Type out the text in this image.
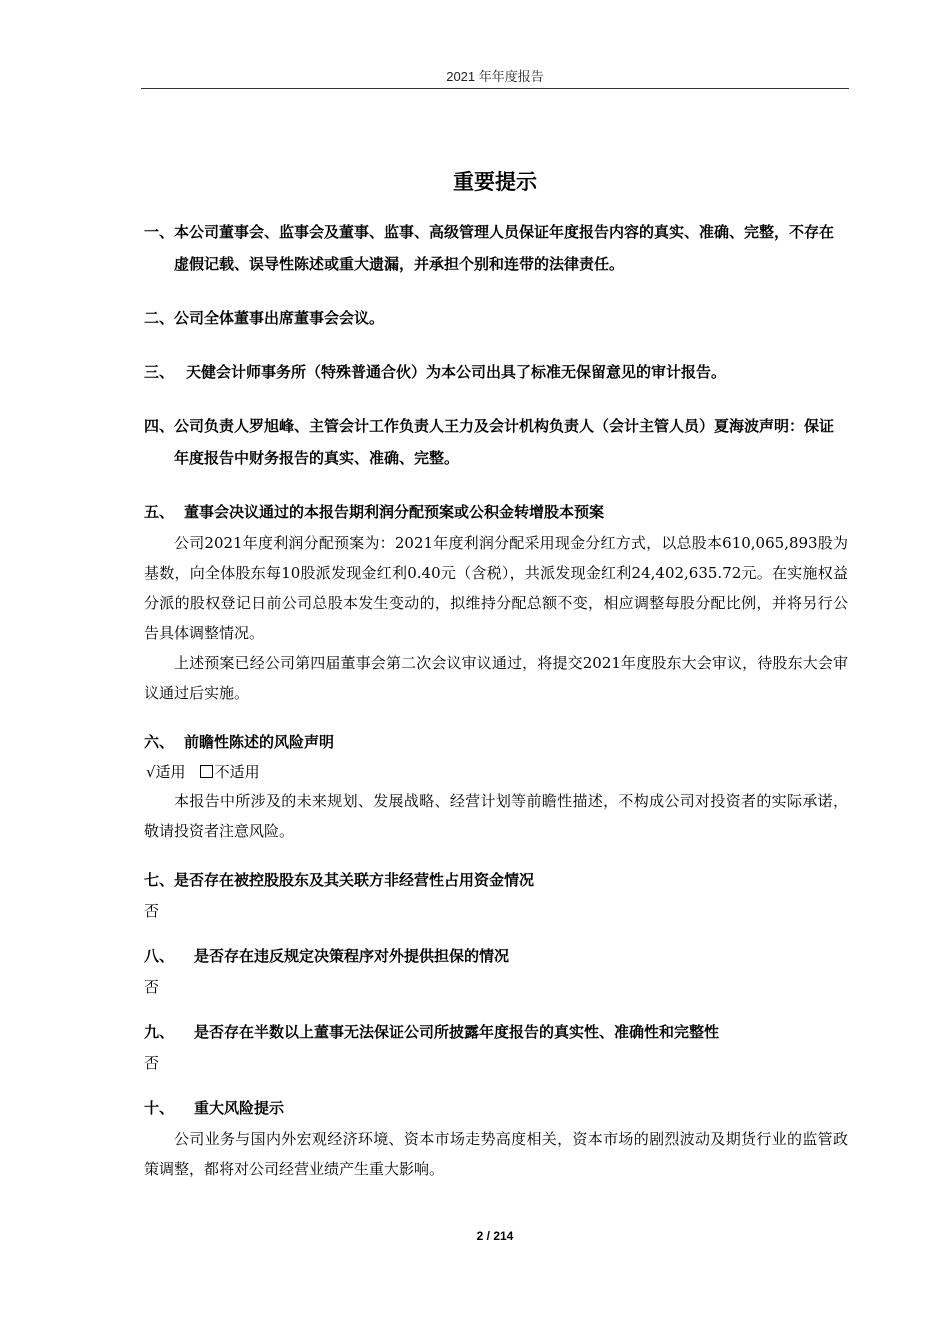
2021 年年度报告
重要提示
一、本公司董事会、监事会及董事、监事、高级管理人员保证年度报告内容的真实、准确、完整，不存在虚假记载、误导性陈述或重大遗漏，并承担个别和连带的法律责任。
二、公司全体董事出席董事会会议。
三、 天健会计师事务所（特殊普通合伙）为本公司出具了标准无保留意见的审计报告。
四、公司负责人罗旭峰、主管会计工作负责人王力及会计机构负责人（会计主管人员）夏海波声明：保证年度报告中财务报告的真实、准确、完整。
五、 董事会决议通过的本报告期利润分配预案或公积金转增股本预案
公司2021年度利润分配预案为：2021年度利润分配采用现金分红方式，以总股本610,065,893股为基数，向全体股东每10股派发现金红利0.40元（含税），共派发现金红利24,402,635.72元。在实施权益分派的股权登记日前公司总股本发生变动的，拟维持分配总额不变，相应调整每股分配比例，并将另行公告具体调整情况。
上述预案已经公司第四届董事会第二次会议审议通过，将提交2021年度股东大会审议，待股东大会审议通过后实施。
六、 前瞻性陈述的风险声明
√适用 不适用
本报告中所涉及的未来规划、发展战略、经营计划等前瞻性描述，不构成公司对投资者的实际承诺，敬请投资者注意风险。
七、是否存在被控股股东及其关联方非经营性占用资金情况
否
八、 是否存在违反规定决策程序对外提供担保的情况
否
九、 是否存在半数以上董事无法保证公司所披露年度报告的真实性、准确性和完整性
否
十、 重大风险提示
公司业务与国内外宏观经济环境、资本市场走势高度相关，资本市场的剧烈波动及期货行业的监管政策调整，都将对公司经营业绩产生重大影响。
2 / 214
